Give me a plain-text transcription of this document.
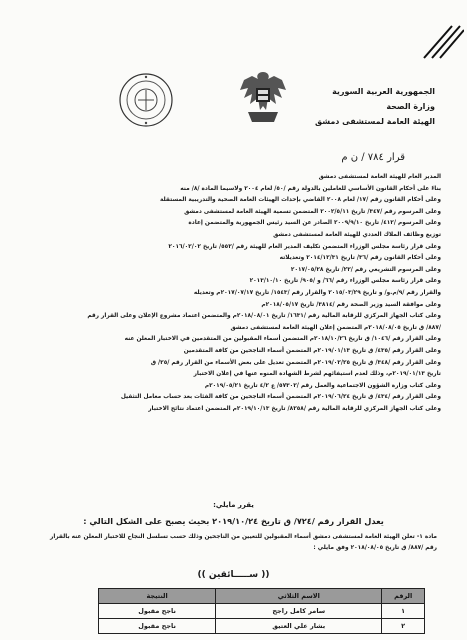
الجمهورية العربية السورية
وزارة الصحة
الهيئة العامة لمستشفى دمشق
قرار ٧٨٤ / ن م

المدير العام للهيئة العامة لمستشفى دمشق

بناءً على أحكام القانون الأساسي للعاملين بالدولة رقم /٥٠/ لعام ٢٠٠٤ ولاسيما المادة /٨/ منه

وعلى أحكام القانون رقم /١٧/ لعام ٢٠٠٨ القاضي بإحداث الهيئات العامة الصحية والتدريبية المستقلة

وعلى المرسوم رقم /٣٤٧/ تاريخ ٢٠٠٢/٥/١١ المتضمن تسمية الهيئة العامة لمستشفى دمشق

وعلى المرسوم /٤١٢/ تاريخ ٢٠٠٩/٩/١٠ الصادر عن السيد رئيس الجمهورية والمتضمن إعادة

توزيع وظائف الملاك العددي للهيئة العامة لمستشفى دمشق

وعلى قرار رئاسة مجلس الوزراء المتضمن تكليف المدير العام للهيئة رقم /٥٥٢/ تاريخ ٢٠١٦/٠٢/٠٢

وعلى أحكام القانون رقم /٣٦/ تاريخ ٢٠١٤/١٢/٣١ وتعديلاته

وعلى المرسوم التشريعي رقم /٢٢/ تاريخ ٢٠١٧/٠٥/٢٨

وعلى قرار رئاسة مجلس الوزراء رقم /٦٦/ و /٩٠٥/ تاريخ ٢٠١٣/١٠/١٠

والقرار رقم /٩/م.و/ و تاريخ ٢٠١٥/٠٣/٢٩ والقرار رقم /١٥٤٣/ تاريخ ٢٠١٧/٠٧/١٧م وتعديله

وعلى موافقة السيد وزير الصحة رقم /٣٨١٤/ تاريخ ٢٠١٨/٠٥/١٧م

وعلى كتاب الجهاز المركزي للرقابة المالية رقم /١٦٣١/ تاريخ ٢٠١٨/٠٨/٠١م والمتضمن اعتماد مشروع الإعلان وعلى القرار رقم

/٨٨٧/ ق تاريخ ٢٠١٨/٠٨/٠٥م المتضمن إعلان الهيئة العامة لمستشفى دمشق

وعلى القرار رقم /١٠٤٦/ ق تاريخ ٢٠١٨/١٠/٢٦م المتضمن أسماء المقبولين من المتقدمين في الاختبار المعلن عنه

وعلى القرار رقم /٤٣٥/ ق تاريخ ٢٠١٩/٠١/١٣م المتضمن أسماء الناجحين من كافة المتقدمين

وعلى القرار رقم /٣٤٨/ ق تاريخ ٢٠١٩/٠٢/٢٥م المتضمن تعديل على بعض الأسماء من القرار رقم /٢٥/ ق

تاريخ ٢٠١٩/٠١/١٣م، وذلك لعدم استيفائهم لشرط الشهادة المنوه عنها في إعلان الاختبار

وعلى كتاب وزارة الشؤون الاجتماعية والعمل رقم /٥٧٣٠٢/ ع ٤/٢ تاريخ ٢٠١٩/٠٥/٢١م

وعلى القرار رقم /٤٣٤/ ق تاريخ ٢٠١٩/٠٦/٢٤م المتضمن أسماء الناجحين من كافة الفئات بعد حساب معامل التثقيل

وعلى كتاب الجهاز المركزي للرقابة المالية رقم /٨٢٥٨/ تاريخ ٢٠١٩/١٠/١٣م المتضمن اعتماد نتائج الاختبار

يقرر مايلي:
يعدل القرار رقم /٧٢٤/ ق تاريخ ٢٠١٩/١٠/٢٤ بحيث يصبح على الشكل التالي :

مادة ١- تعلن الهيئة العامة لمستشفى دمشق أسماء المقبولين للتعيين من الناجحين وذلك حسب تسلسل النجاح للاختبار المعلن عنه بالقرار

رقم /٨٨٧/ ق تاريخ ٢٠١٨/٠٨/٠٥ وفق مايلي :

(( ســـــائقين ))
الرقم	الاسم الثلاثي	النتيجة
١	سامر كامل راجح	ناجح مقبول
٢	بشار علي العتيق	ناجح مقبول
